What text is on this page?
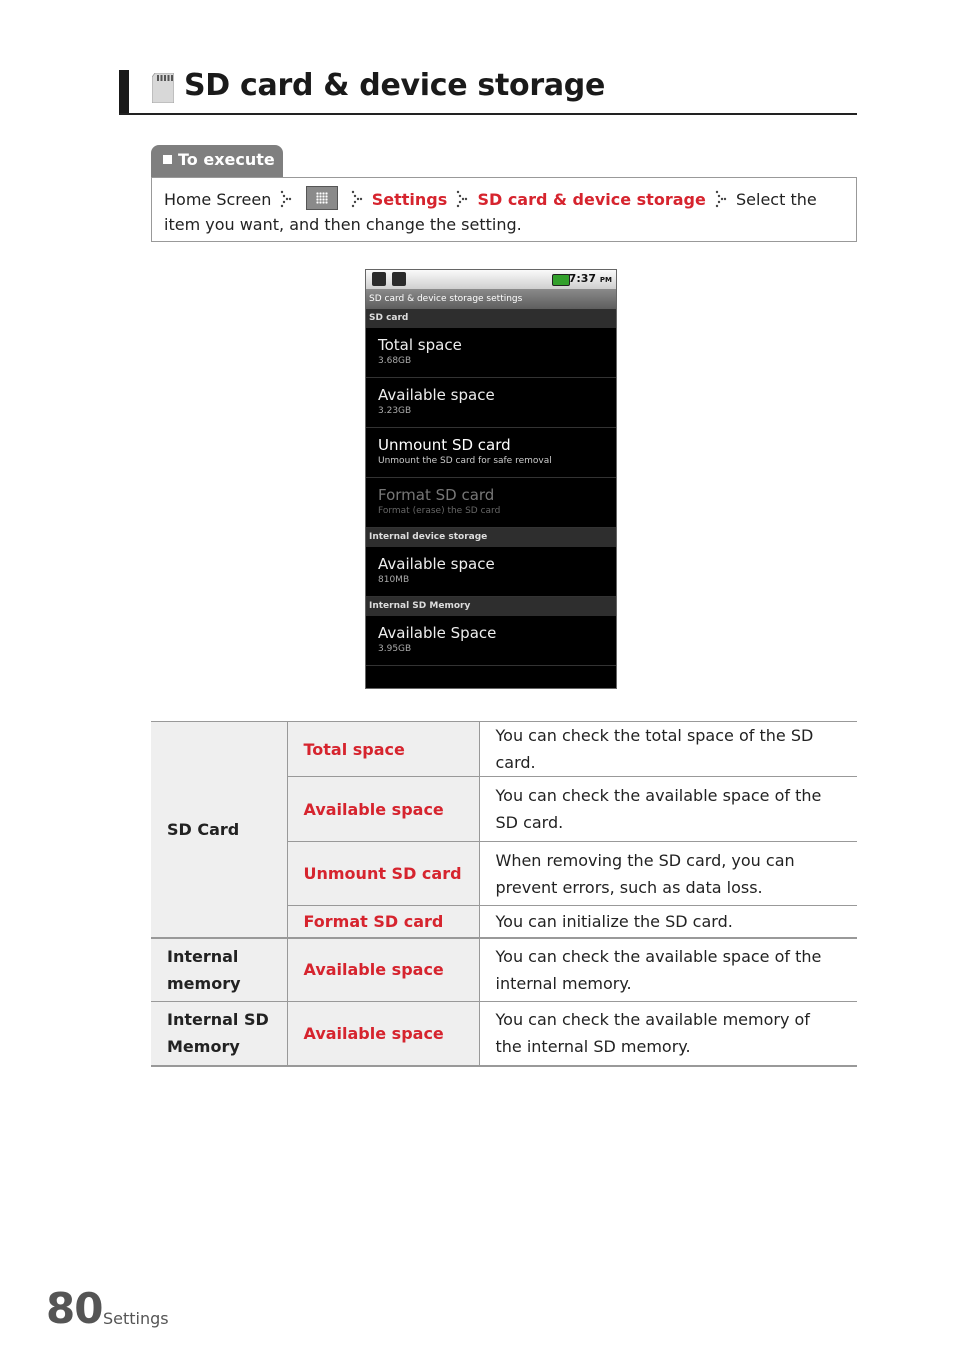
SD card & device storage
To execute
Home Screen	Settings SD card & device storage Select the item you want, and then change the setting.
7:37 PM
SD card & device storage settings
SD card
Total space
3.68GB
Available space
3.23GB
Unmount SD card
Unmount the SD card for safe removal
Format SD card
Format (erase) the SD card
Internal device storage
Available space
810MB
Internal SD Memory
Available Space
3.95GB
SD Card	Total space	You can check the total space of the SD card.
	Available space	You can check the available space of the SD card.
	Unmount SD card	When removing the SD card, you can prevent errors, such as data loss.
	Format SD card	You can initialize the SD card.
Internal memory	Available space	You can check the available space of the internal memory.
Internal SD Memory	Available space	You can check the available memory of the internal SD memory.
80 Settings
